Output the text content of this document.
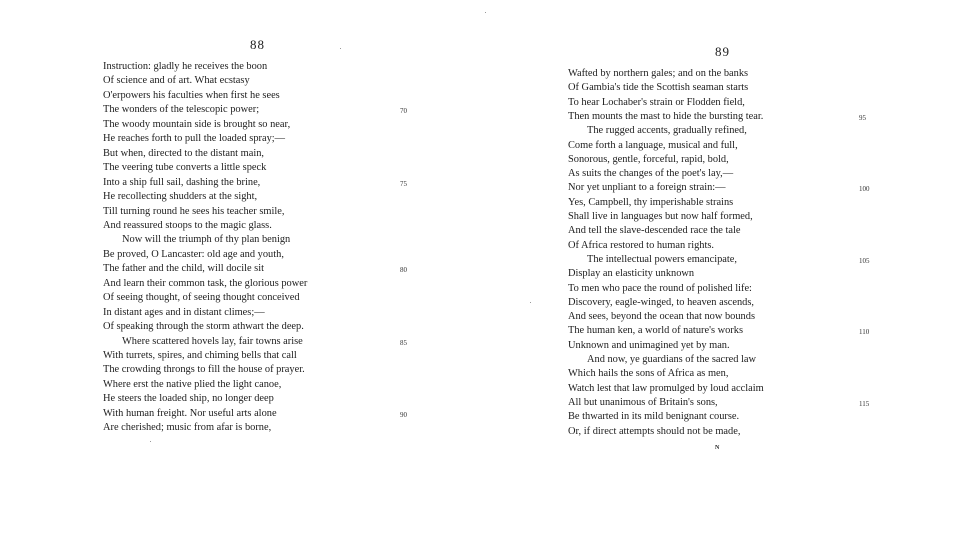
88
Instruction: gladly he receives the boon
Of science and of art. What ecstasy
O'erpowers his faculties when first he sees
The wonders of the telescopic power;
The woody mountain side is brought so near,
He reaches forth to pull the loaded spray;—
But when, directed to the distant main,
The veering tube converts a little speck
Into a ship full sail, dashing the brine,
He recollecting shudders at the sight,
Till turning round he sees his teacher smile,
And reassured stoops to the magic glass.
Now will the triumph of thy plan benign
Be proved, O Lancaster: old age and youth,
The father and the child, will docile sit
And learn their common task, the glorious power
Of seeing thought, of seeing thought conceived
In distant ages and in distant climes;—
Of speaking through the storm athwart the deep.
Where scattered hovels lay, fair towns arise
With turrets, spires, and chiming bells that call
The crowding throngs to fill the house of prayer.
Where erst the native plied the light canoe,
He steers the loaded ship, no longer deep
With human freight. Nor useful arts alone
Are cherished; music from afar is borne,
70
75
80
85
90
89
Wafted by northern gales; and on the banks
Of Gambia's tide the Scottish seaman starts
To hear Lochaber's strain or Flodden field,
Then mounts the mast to hide the bursting tear.
The rugged accents, gradually refined,
Come forth a language, musical and full,
Sonorous, gentle, forceful, rapid, bold,
As suits the changes of the poet's lay,—
Nor yet unpliant to a foreign strain:—
Yes, Campbell, thy imperishable strains
Shall live in languages but now half formed,
And tell the slave-descended race the tale
Of Africa restored to human rights.
The intellectual powers emancipate,
Display an elasticity unknown
To men who pace the round of polished life:
Discovery, eagle-winged, to heaven ascends,
And sees, beyond the ocean that now bounds
The human ken, a world of nature's works
Unknown and unimagined yet by man.
And now, ye guardians of the sacred law
Which hails the sons of Africa as men,
Watch lest that law promulged by loud acclaim
All but unanimous of Britain's sons,
Be thwarted in its mild benignant course.
Or, if direct attempts should not be made,
95
100
105
110
115
N
